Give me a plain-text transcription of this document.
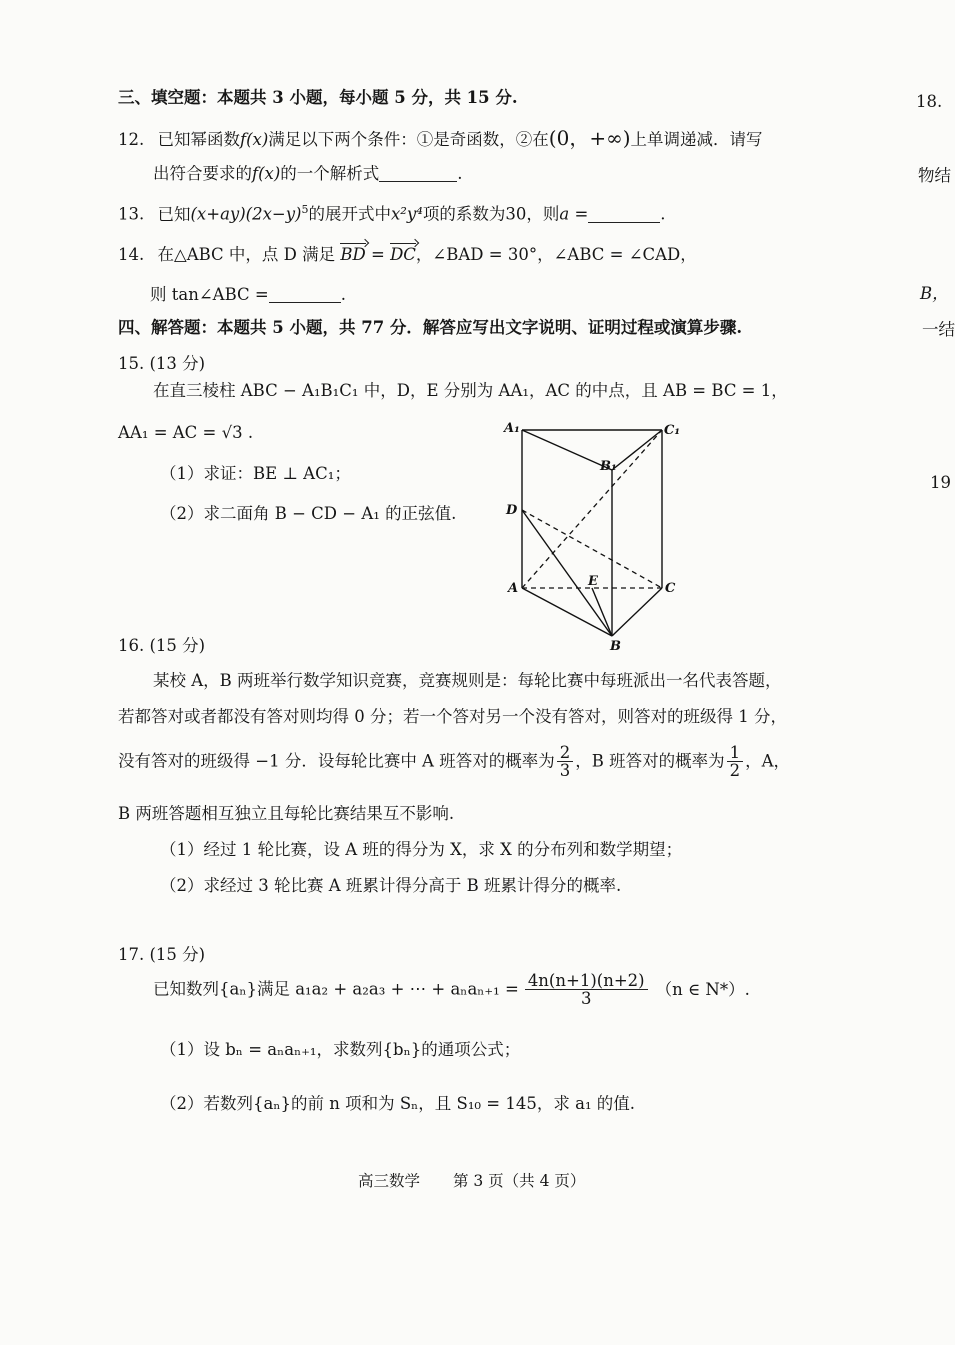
三、填空题：本题共 3 小题，每小题 5 分，共 15 分.
12. 已知幂函数f(x)满足以下两个条件：①是奇函数，②在(0，+∞)上单调递减．请写
出符合要求的f(x)的一个解析式	.
13. 已知$(x+ay)(2x-y)^5$的展开式中x²y⁴项的系数为30，则a =	.
14. 在△ABC 中，点 D 满足 BD = DC，∠BAD = 30°，∠ABC = ∠CAD，
则 tan∠ABC =	.
四、解答题：本题共 5 小题，共 77 分．解答应写出文字说明、证明过程或演算步骤.
15. (13 分)
在直三棱柱 ABC − A₁B₁C₁ 中，D，E 分别为 AA₁，AC 的中点，且 AB = BC = 1，
AA₁ = AC = √3 .
（1）求证：BE ⊥ AC₁；
（2）求二面角 B − CD − A₁ 的正弦值.
A₁	C₁
B₁
D
A	E	C
B
16. (15 分)
某校 A，B 两班举行数学知识竞赛，竞赛规则是：每轮比赛中每班派出一名代表答题，
若都答对或者都没有答对则均得 0 分；若一个答对另一个没有答对，则答对的班级得 1 分，
没有答对的班级得 −1 分．设每轮比赛中 A 班答对的概率为 $\frac{2}{3}$ ，B 班答对的概率为 $\frac{1}{2}$ ，A，
B 两班答题相互独立且每轮比赛结果互不影响.
（1）经过 1 轮比赛，设 A 班的得分为 X，求 X 的分布列和数学期望；
（2）求经过 3 轮比赛 A 班累计得分高于 B 班累计得分的概率.
17. (15 分)
已知数列{aₙ}满足 a₁a₂ + a₂a₃ + ⋯ + $a_na_{n+1} = \frac{4n(n+1)(n+2)}{3} (n$ ∈ N*）.
（1）设 bₙ = aₙaₙ₊₁，求数列{bₙ}的通项公式；
（2）若数列{aₙ}的前 n 项和为 Sₙ，且 S₁₀ = 145，求 a₁ 的值.
高三数学 第 3 页（共 4 页）
18.
物结
B，
一结
19
